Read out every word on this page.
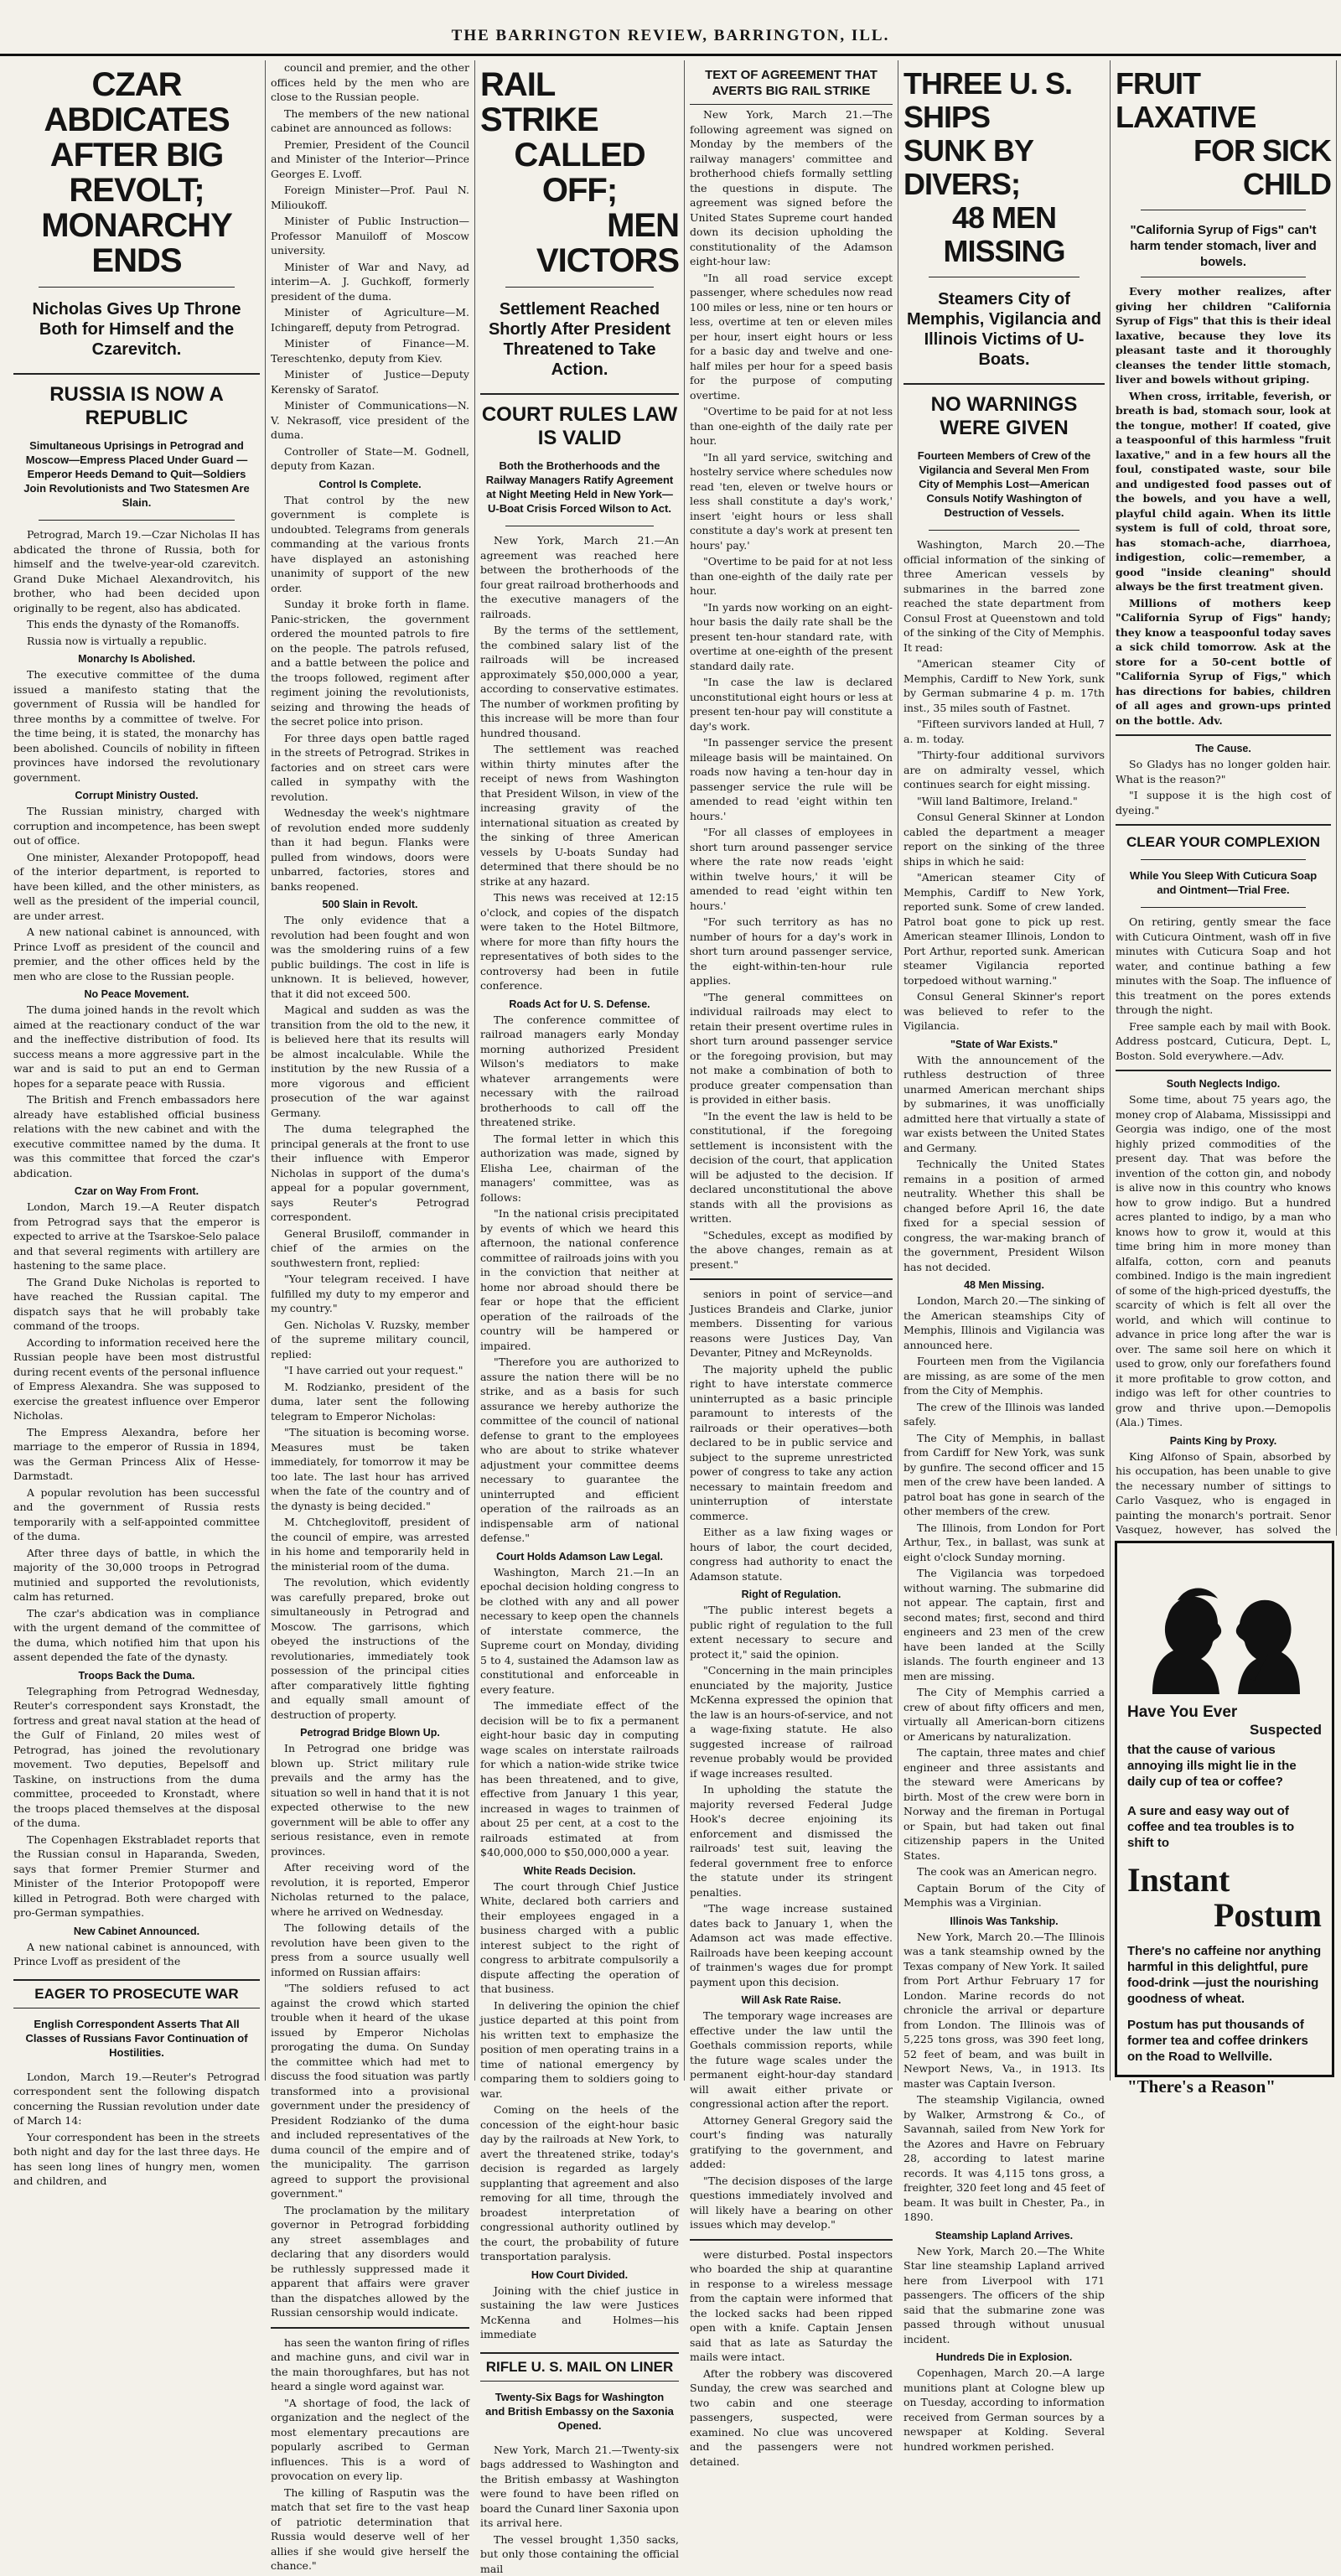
THE BARRINGTON REVIEW, BARRINGTON, ILL.
CZAR ABDICATES
AFTER BIG REVOLT;
MONARCHY ENDS
Nicholas Gives Up Throne Both for Himself and the Czarevitch.
RUSSIA IS NOW A REPUBLIC
Simultaneous Uprisings in Petrograd and Moscow—Empress Placed Under Guard — Emperor Heeds Demand to Quit—Soldiers Join Revolutionists and Two Statesmen Are Slain.

Petrograd, March 19.—Czar Nicholas II has abdicated the throne of Russia, both for himself and the twelve-year-old czarevitch. Grand Duke Michael Alexandrovitch, his brother, who had been decided upon originally to be regent, also has abdicated.

This ends the dynasty of the Romanoffs.

Russia now is virtually a republic.

Monarchy Is Abolished.

The executive committee of the duma issued a manifesto stating that the government of Russia will be handled for three months by a committee of twelve. For the time being, it is stated, the monarchy has been abolished. Councils of nobility in fifteen provinces have indorsed the revolutionary government.

Corrupt Ministry Ousted.

The Russian ministry, charged with corruption and incompetence, has been swept out of office.

One minister, Alexander Protopopoff, head of the interior department, is reported to have been killed, and the other ministers, as well as the president of the imperial council, are under arrest.

A new national cabinet is announced, with Prince Lvoff as president of the council and premier, and the other offices held by the men who are close to the Russian people.

No Peace Movement.

The duma joined hands in the revolt which aimed at the reactionary conduct of the war and the ineffective distribution of food. Its success means a more aggressive part in the war and is said to put an end to German hopes for a separate peace with Russia.

The British and French embassadors here already have established official business relations with the new cabinet and with the executive committee named by the duma. It was this committee that forced the czar's abdication.

Czar on Way From Front.

London, March 19.—A Reuter dispatch from Petrograd says that the emperor is expected to arrive at the Tsarskoe-Selo palace and that several regiments with artillery are hastening to the same place.

The Grand Duke Nicholas is reported to have reached the Russian capital. The dispatch says that he will probably take command of the troops.

According to information received here the Russian people have been most distrustful during recent events of the personal influence of Empress Alexandra. She was supposed to exercise the greatest influence over Emperor Nicholas.

The Empress Alexandra, before her marriage to the emperor of Russia in 1894, was the German Princess Alix of Hesse-Darmstadt.

A popular revolution has been successful and the government of Russia rests temporarily with a self-appointed committee of the duma.

After three days of battle, in which the majority of the 30,000 troops in Petrograd mutinied and supported the revolutionists, calm has returned.

The czar's abdication was in compliance with the urgent demand of the committee of the duma, which notified him that upon his assent depended the fate of the dynasty.

Troops Back the Duma.

Telegraphing from Petrograd Wednesday, Reuter's correspondent says Kronstadt, the fortress and great naval station at the head of the Gulf of Finland, 20 miles west of Petrograd, has joined the revolutionary movement. Two deputies, Bepelsoff and Taskine, on instructions from the duma committee, proceeded to Kronstadt, where the troops placed themselves at the disposal of the duma.

The Copenhagen Ekstrabladet reports that the Russian consul in Haparanda, Sweden, says that former Premier Sturmer and Minister of the Interior Protopopoff were killed in Petrograd. Both were charged with pro-German sympathies.

New Cabinet Announced.

A new national cabinet is announced, with Prince Lvoff as president of the

EAGER TO PROSECUTE WAR
English Correspondent Asserts That All Classes of Russians Favor Continuation of Hostilities.

London, March 19.—Reuter's Petrograd correspondent sent the following dispatch concerning the Russian revolution under date of March 14:

Your correspondent has been in the streets both night and day for the last three days. He has seen long lines of hungry men, women and children, and

council and premier, and the other offices held by the men who are close to the Russian people.

The members of the new national cabinet are announced as follows:

Premier, President of the Council and Minister of the Interior—Prince Georges E. Lvoff.

Foreign Minister—Prof. Paul N. Milioukoff.

Minister of Public Instruction—Professor Manuiloff of Moscow university.

Minister of War and Navy, ad interim—A. J. Guchkoff, formerly president of the duma.

Minister of Agriculture—M. Ichingareff, deputy from Petrograd.

Minister of Finance—M. Tereschtenko, deputy from Kiev.

Minister of Justice—Deputy Kerensky of Saratof.

Minister of Communications—N. V. Nekrasoff, vice president of the duma.

Controller of State—M. Godnell, deputy from Kazan.

Control Is Complete.

That control by the new government is complete is undoubted. Telegrams from generals commanding at the various fronts have displayed an astonishing unanimity of support of the new order.

Sunday it broke forth in flame. Panic-stricken, the government ordered the mounted patrols to fire on the people. The patrols refused, and a battle between the police and the troops followed, regiment after regiment joining the revolutionists, seizing and throwing the heads of the secret police into prison.

For three days open battle raged in the streets of Petrograd. Strikes in factories and on street cars were called in sympathy with the revolution.

Wednesday the week's nightmare of revolution ended more suddenly than it had begun. Flanks were pulled from windows, doors were unbarred, factories, stores and banks reopened.

500 Slain in Revolt.

The only evidence that a revolution had been fought and won was the smoldering ruins of a few public buildings. The cost in life is unknown. It is believed, however, that it did not exceed 500.

Magical and sudden as was the transition from the old to the new, it is believed here that its results will be almost incalculable. While the institution by the new Russia of a more vigorous and efficient prosecution of the war against Germany.

The duma telegraphed the principal generals at the front to use their influence with Emperor Nicholas in support of the duma's appeal for a popular government, says Reuter's Petrograd correspondent.

General Brusiloff, commander in chief of the armies on the southwestern front, replied:

"Your telegram received. I have fulfilled my duty to my emperor and my country."

Gen. Nicholas V. Ruzsky, member of the supreme military council, replied:

"I have carried out your request."

M. Rodzianko, president of the duma, later sent the following telegram to Emperor Nicholas:

"The situation is becoming worse. Measures must be taken immediately, for tomorrow it may be too late. The last hour has arrived when the fate of the country and of the dynasty is being decided."

M. Chtcheglovitoff, president of the council of empire, was arrested in his home and temporarily held in the ministerial room of the duma.

The revolution, which evidently was carefully prepared, broke out simultaneously in Petrograd and Moscow. The garrisons, which obeyed the instructions of the revolutionaries, immediately took possession of the principal cities after comparatively little fighting and equally small amount of destruction of property.

Petrograd Bridge Blown Up.

In Petrograd one bridge was blown up. Strict military rule prevails and the army has the situation so well in hand that it is not expected otherwise to the new government will be able to offer any serious resistance, even in remote provinces.

After receiving word of the revolution, it is reported, Emperor Nicholas returned to the palace, where he arrived on Wednesday.

The following details of the revolution have been given to the press from a source usually well informed on Russian affairs:

"The soldiers refused to act against the crowd which started trouble when it heard of the ukase issued by Emperor Nicholas prorogating the duma. On Sunday the committee which had met to discuss the food situation was partly transformed into a provisional government under the presidency of President Rodzianko of the duma and included representatives of the duma council of the empire and of the municipality. The garrison agreed to support the provisional government."

The proclamation by the military governor in Petrograd forbidding any street assemblages and declaring that any disorders would be ruthlessly suppressed made it apparent that affairs were graver than the dispatches allowed by the Russian censorship would indicate.

has seen the wanton firing of rifles and machine guns, and civil war in the main thoroughfares, but has not heard a single word against war.

"A shortage of food, the lack of organization and the neglect of the most elementary precautions are popularly ascribed to German influences. This is a word of provocation on every lip.

The killing of Rasputin was the match that set fire to the vast heap of patriotic determination that Russia would deserve well of her allies if she would give herself the chance."

RAIL STRIKE
CALLED OFF;
MEN VICTORS
Settlement Reached Shortly After President Threatened to Take Action.
COURT RULES LAW IS VALID
Both the Brotherhoods and the Railway Managers Ratify Agreement at Night Meeting Held in New York—U-Boat Crisis Forced Wilson to Act.

New York, March 21.—An agreement was reached here between the brotherhoods of the four great railroad brotherhoods and the executive managers of the railroads.

By the terms of the settlement, the combined salary list of the railroads will be increased approximately $50,000,000 a year, according to conservative estimates. The number of workmen profiting by this increase will be more than four hundred thousand.

The settlement was reached within thirty minutes after the receipt of news from Washington that President Wilson, in view of the increasing gravity of the international situation as created by the sinking of three American vessels by U-boats Sunday had determined that there should be no strike at any hazard.

This news was received at 12:15 o'clock, and copies of the dispatch were taken to the Hotel Biltmore, where for more than fifty hours the representatives of both sides to the controversy had been in futile conference.

Roads Act for U. S. Defense.

The conference committee of railroad managers early Monday morning authorized President Wilson's mediators to make whatever arrangements were necessary with the railroad brotherhoods to call off the threatened strike.

The formal letter in which this authorization was made, signed by Elisha Lee, chairman of the managers' committee, was as follows:

"In the national crisis precipitated by events of which we heard this afternoon, the national conference committee of railroads joins with you in the conviction that neither at home nor abroad should there be fear or hope that the efficient operation of the railroads of the country will be hampered or impaired.

"Therefore you are authorized to assure the nation there will be no strike, and as a basis for such assurance we hereby authorize the committee of the council of national defense to grant to the employees who are about to strike whatever adjustment your committee deems necessary to guarantee the uninterrupted and efficient operation of the railroads as an indispensable arm of national defense."

Court Holds Adamson Law Legal.

Washington, March 21.—In an epochal decision holding congress to be clothed with any and all power necessary to keep open the channels of interstate commerce, the Supreme court on Monday, dividing 5 to 4, sustained the Adamson law as constitutional and enforceable in every feature.

The immediate effect of the decision will be to fix a permanent eight-hour basic day in computing wage scales on interstate railroads for which a nation-wide strike twice has been threatened, and to give, effective from January 1 this year, increased in wages to trainmen of about 25 per cent, at a cost to the railroads estimated at from $40,000,000 to $50,000,000 a year.

White Reads Decision.

The court through Chief Justice White, declared both carriers and their employees engaged in a business charged with a public interest subject to the right of congress to arbitrate compulsorily a dispute affecting the operation of that business.

In delivering the opinion the chief justice departed at this point from his written text to emphasize the position of men operating trains in a time of national emergency by comparing them to soldiers going to war.

Coming on the heels of the concession of the eight-hour basic day by the railroads at New York, to avert the threatened strike, today's decision is regarded as largely supplanting that agreement and also removing for all time, through the broadest interpretation of congressional authority outlined by the court, the probability of future transportation paralysis.

How Court Divided.

Joining with the chief justice in sustaining the law were Justices McKenna and Holmes—his immediate

RIFLE U. S. MAIL ON LINER
Twenty-Six Bags for Washington and British Embassy on the Saxonia Opened.

New York, March 21.—Twenty-six bags addressed to Washington and the British embassy at Washington were found to have been rifled on board the Cunard liner Saxonia upon its arrival here.

The vessel brought 1,350 sacks, but only those containing the official mail

TEXT OF AGREEMENT THAT AVERTS BIG RAIL STRIKE

New York, March 21.—The following agreement was signed on Monday by the members of the railway managers' committee and brotherhood chiefs formally settling the questions in dispute. The agreement was signed before the United States Supreme court handed down its decision upholding the constitutionality of the Adamson eight-hour law:

"In all road service except passenger, where schedules now read 100 miles or less, nine or ten hours or less, overtime at ten or eleven miles per hour, insert eight hours or less for a basic day and twelve and one-half miles per hour for a speed basis for the purpose of computing overtime.

"Overtime to be paid for at not less than one-eighth of the daily rate per hour.

"In all yard service, switching and hostelry service where schedules now read 'ten, eleven or twelve hours or less shall constitute a day's work,' insert 'eight hours or less shall constitute a day's work at present ten hours' pay.'

"Overtime to be paid for at not less than one-eighth of the daily rate per hour.

"In yards now working on an eight-hour basis the daily rate shall be the present ten-hour standard rate, with overtime at one-eighth of the present standard daily rate.

"In case the law is declared unconstitutional eight hours or less at present ten-hour pay will constitute a day's work.

"In passenger service the present mileage basis will be maintained. On roads now having a ten-hour day in passenger service the rule will be amended to read 'eight within ten hours.'

"For all classes of employees in short turn around passenger service where the rate now reads 'eight within twelve hours,' it will be amended to read 'eight within ten hours.'

"For such territory as has no number of hours for a day's work in short turn around passenger service, the eight-within-ten-hour rule applies.

"The general committees on individual railroads may elect to retain their present overtime rules in short turn around passenger service or the foregoing provision, but may not make a combination of both to produce greater compensation than is provided in either basis.

"In the event the law is held to be constitutional, if the foregoing settlement is inconsistent with the decision of the court, that application will be adjusted to the decision. If declared unconstitutional the above stands with all the provisions as written.

"Schedules, except as modified by the above changes, remain as at present."

seniors in point of service—and Justices Brandeis and Clarke, junior members. Dissenting for various reasons were Justices Day, Van Devanter, Pitney and McReynolds.

The majority upheld the public right to have interstate commerce uninterrupted as a basic principle paramount to interests of the railroads or their operatives—both declared to be in public service and subject to the supreme unrestricted power of congress to take any action necessary to maintain freedom and uninterruption of interstate commerce.

Either as a law fixing wages or hours of labor, the court decided, congress had authority to enact the Adamson statute.

Right of Regulation.

"The public interest begets a public right of regulation to the full extent necessary to secure and protect it," said the opinion.

"Concerning in the main principles enunciated by the majority, Justice McKenna expressed the opinion that the law is an hours-of-service, and not a wage-fixing statute. He also suggested increase of railroad revenue probably would be provided if wage increases resulted.

In upholding the statute the majority reversed Federal Judge Hook's decree enjoining its enforcement and dismissed the railroads' test suit, leaving the federal government free to enforce the statute under its stringent penalties.

"The wage increase sustained dates back to January 1, when the Adamson act was made effective. Railroads have been keeping account of trainmen's wages due for prompt payment upon this decision.

Will Ask Rate Raise.

The temporary wage increases are effective under the law until the Goethals commission reports, while the future wage scales under the permanent eight-hour-day standard will await either private or congressional action after the report.

Attorney General Gregory said the court's finding was naturally gratifying to the government, and added:

"The decision disposes of the large questions immediately involved and will likely have a bearing on other issues which may develop."

were disturbed. Postal inspectors who boarded the ship at quarantine in response to a wireless message from the captain were informed that the locked sacks had been ripped open with a knife. Captain Jensen said that as late as Saturday the mails were intact.

After the robbery was discovered Sunday, the crew was searched and two cabin and one steerage passengers, suspected, were examined. No clue was uncovered and the passengers were not detained.

THREE U. S. SHIPS
SUNK BY DIVERS;
48 MEN MISSING
Steamers City of Memphis, Vigilancia and Illinois Victims of U-Boats.
NO WARNINGS WERE GIVEN
Fourteen Members of Crew of the Vigilancia and Several Men From City of Memphis Lost—American Consuls Notify Washington of Destruction of Vessels.

Washington, March 20.—The official information of the sinking of three American vessels by submarines in the barred zone reached the state department from Consul Frost at Queenstown and told of the sinking of the City of Memphis. It read:

"American steamer City of Memphis, Cardiff to New York, sunk by German submarine 4 p. m. 17th inst., 35 miles south of Fastnet.

"Fifteen survivors landed at Hull, 7 a. m. today.

"Thirty-four additional survivors are on admiralty vessel, which continues search for eight missing.

"Will land Baltimore, Ireland."

Consul General Skinner at London cabled the department a meager report on the sinking of the three ships in which he said:

"American steamer City of Memphis, Cardiff to New York, reported sunk. Some of crew landed. Patrol boat gone to pick up rest. American steamer Illinois, London to Port Arthur, reported sunk. American steamer Vigilancia reported torpedoed without warning."

Consul General Skinner's report was believed to refer to the Vigilancia.

"State of War Exists."

With the announcement of the ruthless destruction of three unarmed American merchant ships by submarines, it was unofficially admitted here that virtually a state of war exists between the United States and Germany.

Technically the United States remains in a position of armed neutrality. Whether this shall be changed before April 16, the date fixed for a special session of congress, the war-making branch of the government, President Wilson has not decided.

48 Men Missing.

London, March 20.—The sinking of the American steamships City of Memphis, Illinois and Vigilancia was announced here.

Fourteen men from the Vigilancia are missing, as are some of the men from the City of Memphis.

The crew of the Illinois was landed safely.

The City of Memphis, in ballast from Cardiff for New York, was sunk by gunfire. The second officer and 15 men of the crew have been landed. A patrol boat has gone in search of the other members of the crew.

The Illinois, from London for Port Arthur, Tex., in ballast, was sunk at eight o'clock Sunday morning.

The Vigilancia was torpedoed without warning. The submarine did not appear. The captain, first and second mates; first, second and third engineers and 23 men of the crew have been landed at the Scilly islands. The fourth engineer and 13 men are missing.

The City of Memphis carried a crew of about fifty officers and men, virtually all American-born citizens or Americans by naturalization.

The captain, three mates and chief engineer and three assistants and the steward were Americans by birth. Most of the crew were born in Norway and the fireman in Portugal or Spain, but had taken out final citizenship papers in the United States.

The cook was an American negro.

Captain Borum of the City of Memphis was a Virginian.

Illinois Was Tankship.

New York, March 20.—The Illinois was a tank steamship owned by the Texas company of New York. It sailed from Port Arthur February 17 for London. Marine records do not chronicle the arrival or departure from London. The Illinois was of 5,225 tons gross, was 390 feet long, 52 feet of beam, and was built in Newport News, Va., in 1913. Its master was Captain Iverson.

The steamship Vigilancia, owned by Walker, Armstrong & Co., of Savannah, sailed from New York for the Azores and Havre on February 28, according to latest marine records. It was 4,115 tons gross, a freighter, 320 feet long and 45 feet of beam. It was built in Chester, Pa., in 1890.

Steamship Lapland Arrives.

New York, March 20.—The White Star line steamship Lapland arrived here from Liverpool with 171 passengers. The officers of the ship said that the submarine zone was passed through without unusual incident.

Hundreds Die in Explosion.

Copenhagen, March 20.—A large munitions plant at Cologne blew up on Tuesday, according to information received from German sources by a newspaper at Kolding. Several hundred workmen perished.

FRUIT LAXATIVE
FOR SICK CHILD
"California Syrup of Figs" can't harm tender stomach, liver and bowels.

Every mother realizes, after giving her children "California Syrup of Figs" that this is their ideal laxative, because they love its pleasant taste and it thoroughly cleanses the tender little stomach, liver and bowels without griping.

When cross, irritable, feverish, or breath is bad, stomach sour, look at the tongue, mother! If coated, give a teaspoonful of this harmless "fruit laxative," and in a few hours all the foul, constipated waste, sour bile and undigested food passes out of the bowels, and you have a well, playful child again. When its little system is full of cold, throat sore, has stomach-ache, diarrhoea, indigestion, colic—remember, a good "inside cleaning" should always be the first treatment given.

Millions of mothers keep "California Syrup of Figs" handy; they know a teaspoonful today saves a sick child tomorrow. Ask at the store for a 50-cent bottle of "California Syrup of Figs," which has directions for babies, children of all ages and grown-ups printed on the bottle. Adv.

The Cause.

So Gladys has no longer golden hair. What is the reason?"

"I suppose it is the high cost of dyeing."

CLEAR YOUR COMPLEXION
While You Sleep With Cuticura Soap and Ointment—Trial Free.

On retiring, gently smear the face with Cuticura Ointment, wash off in five minutes with Cuticura Soap and hot water, and continue bathing a few minutes with the Soap. The influence of this treatment on the pores extends through the night.

Free sample each by mail with Book. Address postcard, Cuticura, Dept. L, Boston. Sold everywhere.—Adv.

South Neglects Indigo.

Some time, about 75 years ago, the money crop of Alabama, Mississippi and Georgia was indigo, one of the most highly prized commodities of the present day. That was before the invention of the cotton gin, and nobody is alive now in this country who knows how to grow indigo. But a hundred acres planted to indigo, by a man who knows how to grow it, would at this time bring him in more money than alfalfa, cotton, corn and peanuts combined. Indigo is the main ingredient of some of the high-priced dyestuffs, the scarcity of which is felt all over the world, and which will continue to advance in price long after the war is over. The same soil here on which it used to grow, only our forefathers found it more profitable to grow cotton, and indigo was left for other countries to grow and thrive upon.—Demopolis (Ala.) Times.

Paints King by Proxy.

King Alfonso of Spain, absorbed by his occupation, has been unable to give the necessary number of sittings to Carlo Vasquez, who is engaged in painting the monarch's portrait. Senor Vasquez, however, has solved the

Have You Ever
Suspected
that the cause of various annoying ills might lie in the daily cup of tea or coffee?
A sure and easy way out of coffee and tea troubles is to shift to
Instant
Postum
There's no caffeine nor anything harmful in this delightful, pure food-drink —just the nourishing goodness of wheat.
Postum has put thousands of former tea and coffee drinkers on the Road to Wellville.
"There's a Reason"
